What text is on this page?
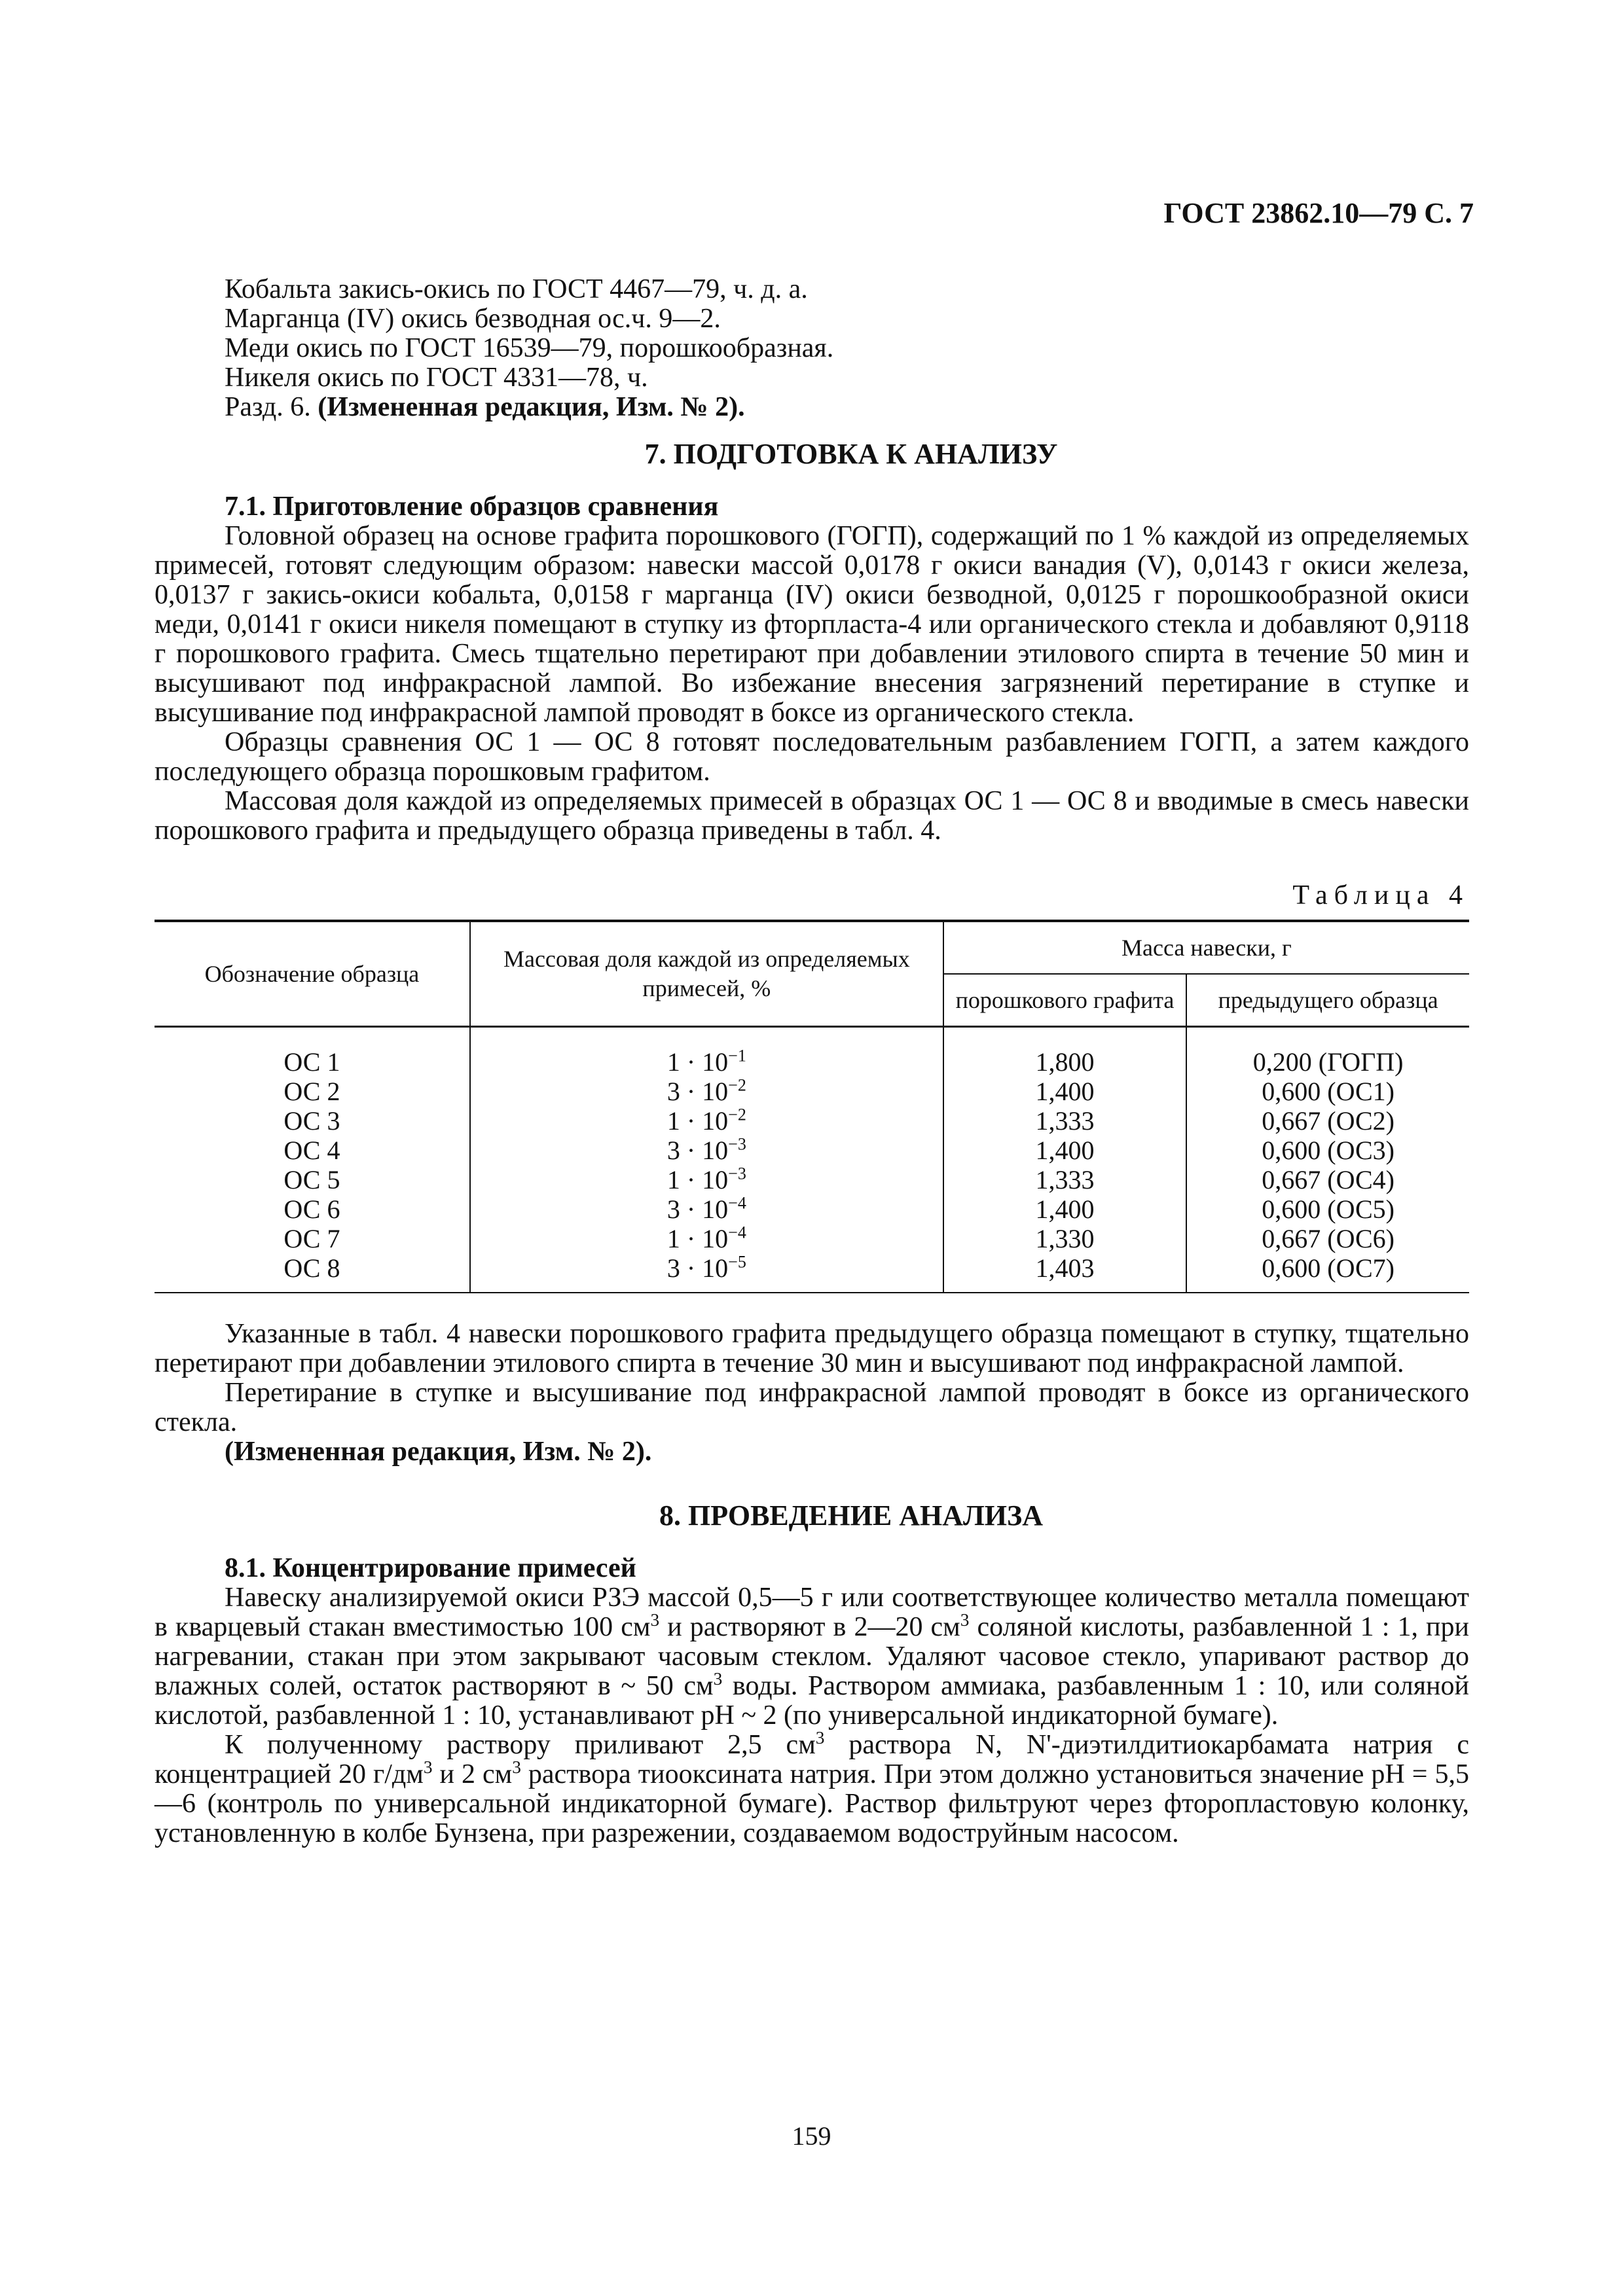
ГОСТ 23862.10—79 С. 7

Кобальта закись-окись по ГОСТ 4467—79, ч. д. а.

Марганца (IV) окись безводная ос.ч. 9—2.

Меди окись по ГОСТ 16539—79, порошкообразная.

Никеля окись по ГОСТ 4331—78, ч.

Разд. 6. (Измененная редакция, Изм. № 2).

7. ПОДГОТОВКА К АНАЛИЗУ

7.1. Приготовление образцов сравнения

Головной образец на основе графита порошкового (ГОГП), содержащий по 1 % каждой из определяемых примесей, готовят следующим образом: навески массой 0,0178 г окиси ванадия (V), 0,0143 г окиси железа, 0,0137 г закись-окиси кобальта, 0,0158 г марганца (IV) окиси безводной, 0,0125 г порошкообразной окиси меди, 0,0141 г окиси никеля помещают в ступку из фторпласта-4 или органического стекла и добавляют 0,9118 г порошкового графита. Смесь тщательно перетирают при добавлении этилового спирта в течение 50 мин и высушивают под инфракрасной лампой. Во избежание внесения загрязнений перетирание в ступке и высушивание под инфракрасной лампой проводят в боксе из органического стекла.

Образцы сравнения ОС 1 — ОС 8 готовят последовательным разбавлением ГОГП, а затем каждого последующего образца порошковым графитом.

Массовая доля каждой из определяемых примесей в образцах ОС 1 — ОС 8 и вводимые в смесь навески порошкового графита и предыдущего образца приведены в табл. 4.

Таблица 4
Обозначение образца	Массовая доля каждой из определяемых примесей, %	Масса навески, г	
		порошкового графита	предыдущего образца
ОС 1	$1 \cdot 10^{-1}$	1,800	0,200 (ГОГП)
ОС 2	$3 \cdot 10^{-2}$	1,400	0,600 (ОС1)
ОС 3	$1 \cdot 10^{-2}$	1,333	0,667 (ОС2)
ОС 4	$3 \cdot 10^{-3}$	1,400	0,600 (ОС3)
ОС 5	$1 \cdot 10^{-3}$	1,333	0,667 (ОС4)
ОС 6	$3 \cdot 10^{-4}$	1,400	0,600 (ОС5)
ОС 7	$1 \cdot 10^{-4}$	1,330	0,667 (ОС6)
ОС 8	$3 \cdot 10^{-5}$	1,403	0,600 (ОС7)

Указанные в табл. 4 навески порошкового графита предыдущего образца помещают в ступку, тщательно перетирают при добавлении этилового спирта в течение 30 мин и высушивают под инфракрасной лампой.

Перетирание в ступке и высушивание под инфракрасной лампой проводят в боксе из органического стекла.

(Измененная редакция, Изм. № 2).

8. ПРОВЕДЕНИЕ АНАЛИЗА

8.1. Концентрирование примесей

Навеску анализируемой окиси РЗЭ массой 0,5—5 г или соответствующее количество металла помещают в кварцевый стакан вместимостью 100 $см^3$ и растворяют в 2—20 $см^3$ соляной кислоты, разбавленной 1 : 1, при нагревании, стакан при этом закрывают часовым стеклом. Удаляют часовое стекло, упаривают раствор до влажных солей, остаток растворяют в ~ 50 $см^3$ воды. Раствором аммиака, разбавленным 1 : 10, или соляной кислотой, разбавленной 1 : 10, устанавливают pH ~ 2 (по универсальной индикаторной бумаге).

К полученному раствору приливают 2,5 $см^3$ раствора N, N'-диэтилдитиокарбамата натрия с концентрацией 20 $г/дм^3$ и 2 $см^3$ раствора тиооксината натрия. При этом должно установиться значение pH = 5,5—6 (контроль по универсальной индикаторной бумаге). Раствор фильтруют через фторопластовую колонку, установленную в колбе Бунзена, при разрежении, создаваемом водоструйным насосом.

159
